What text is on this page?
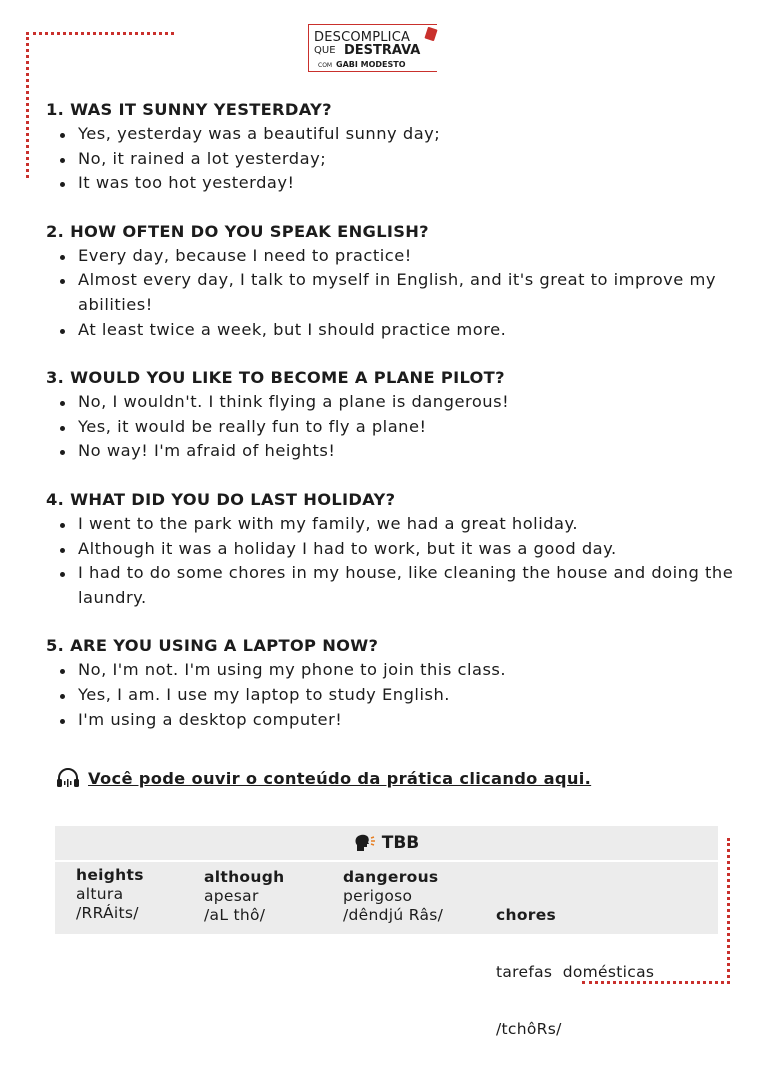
DESCOMPLICA
QUE DESTRAVA
COM GABI MODESTO

1. WAS IT SUNNY YESTERDAY?

Yes, yesterday was a beautiful sunny day;
No, it rained a lot yesterday;
It was too hot yesterday!

2. HOW OFTEN DO YOU SPEAK ENGLISH?

Every day, because I need to practice!
Almost every day, I talk to myself in English, and it's great to improve my abilities!
At least twice a week, but I should practice more.

3. WOULD YOU LIKE TO BECOME A PLANE PILOT?

No, I wouldn't. I think flying a plane is dangerous!
Yes, it would be really fun to fly a plane!
No way! I'm afraid of heights!

4. WHAT DID YOU DO LAST HOLIDAY?

I went to the park with my family, we had a great holiday.
Although it was a holiday I had to work, but it was a good day.
I had to do some chores in my house, like cleaning the house and doing the laundry.

5. ARE YOU USING A LAPTOP NOW?

No, I'm not. I'm using my phone to join this class.
Yes, I am. I use my laptop to study English.
I'm using a desktop computer!
Você pode ouvir o conteúdo da prática clicando aqui.
TBB
heights
altura
/RRÁits/
although
apesar
/aL thô/
dangerous
perigoso
/dêndjú Râs/

	chores

tarefas  domésticas

/tchôRs/
